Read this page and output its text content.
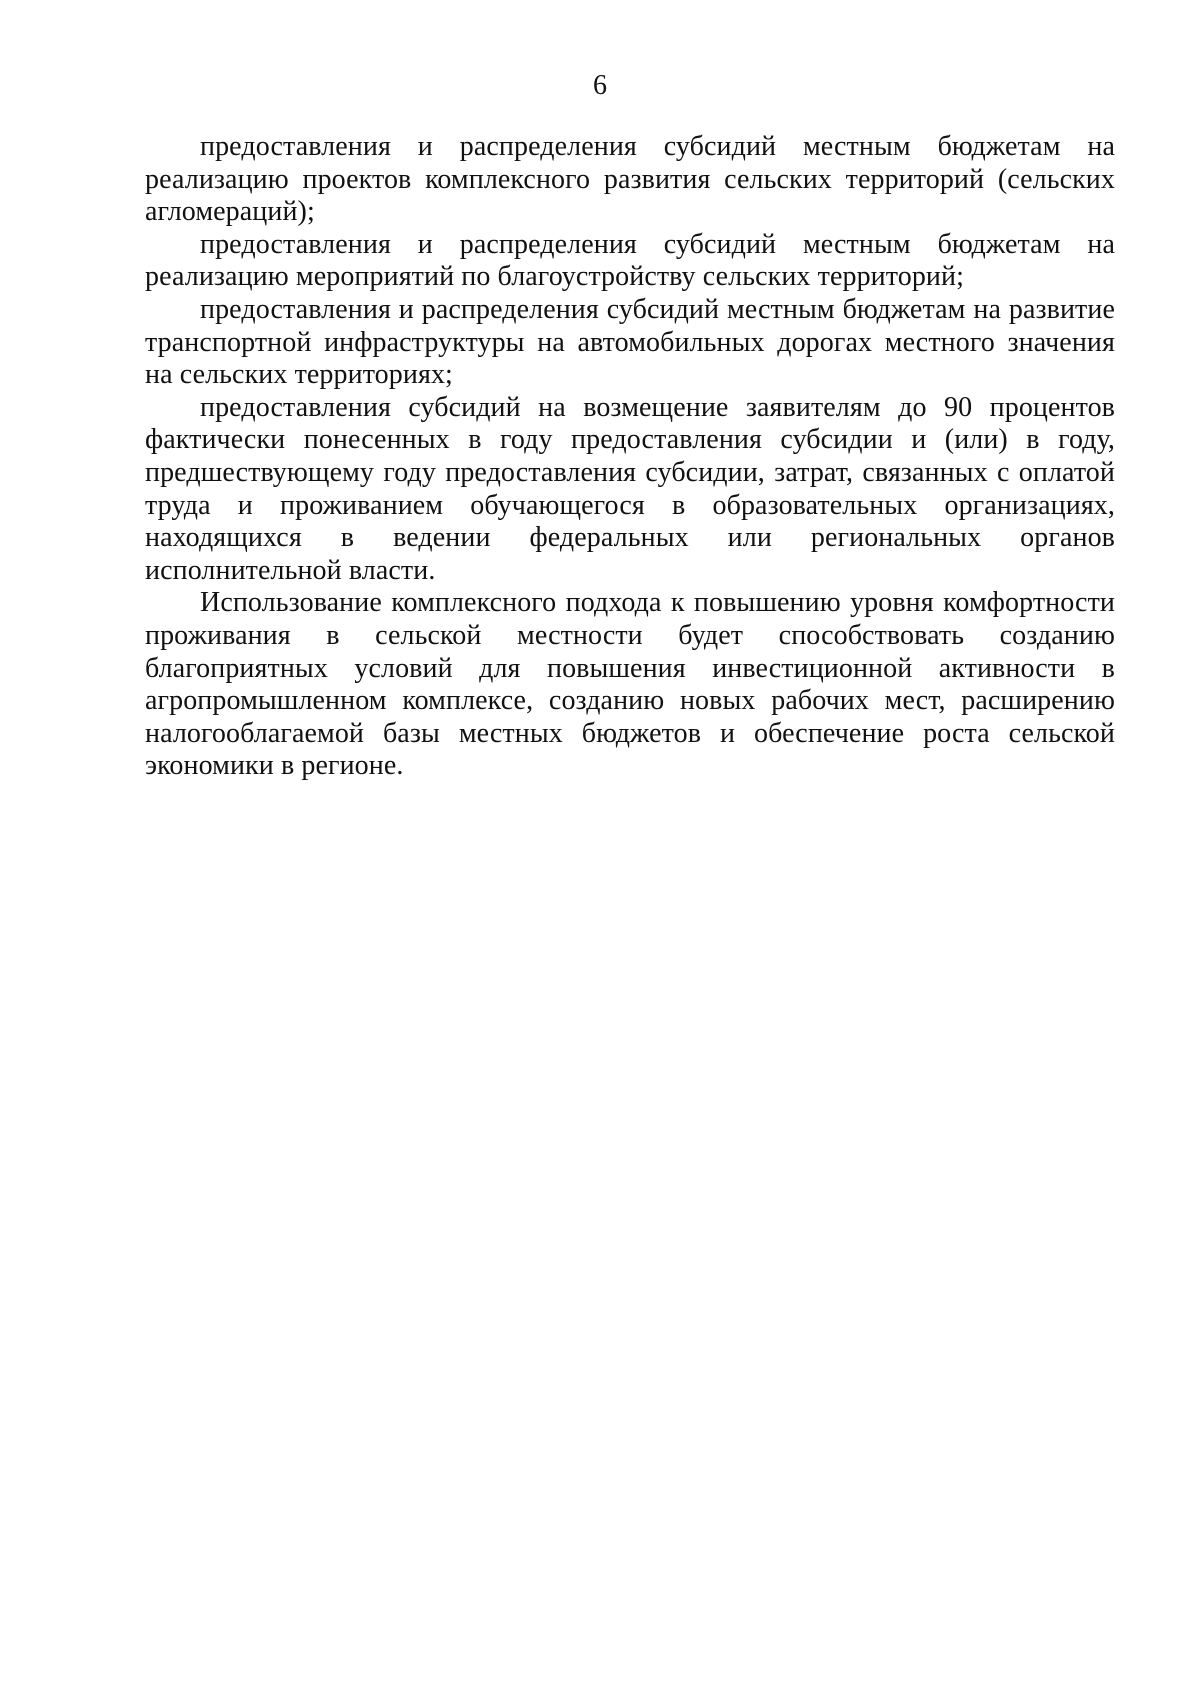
6

предоставления и распределения субсидий местным бюджетам на реализацию проектов комплексного развития сельских территорий (сельских агломераций);

предоставления и распределения субсидий местным бюджетам на реализацию мероприятий по благоустройству сельских территорий;

предоставления и распределения субсидий местным бюджетам на развитие транспортной инфраструктуры на автомобильных дорогах местного значения на сельских территориях;

предоставления субсидий на возмещение заявителям до 90 процентов фактически понесенных в году предоставления субсидии и (или) в году, предшествующему году предоставления субсидии, затрат, связанных с оплатой труда и проживанием обучающегося в образовательных организациях, находящихся в ведении федеральных или региональных органов исполнительной власти.

Использование комплексного подхода к повышению уровня комфортности проживания в сельской местности будет способствовать созданию благоприятных условий для повышения инвестиционной активности в агропромышленном комплексе, созданию новых рабочих мест, расширению налогооблагаемой базы местных бюджетов и обеспечение роста сельской экономики в регионе.
